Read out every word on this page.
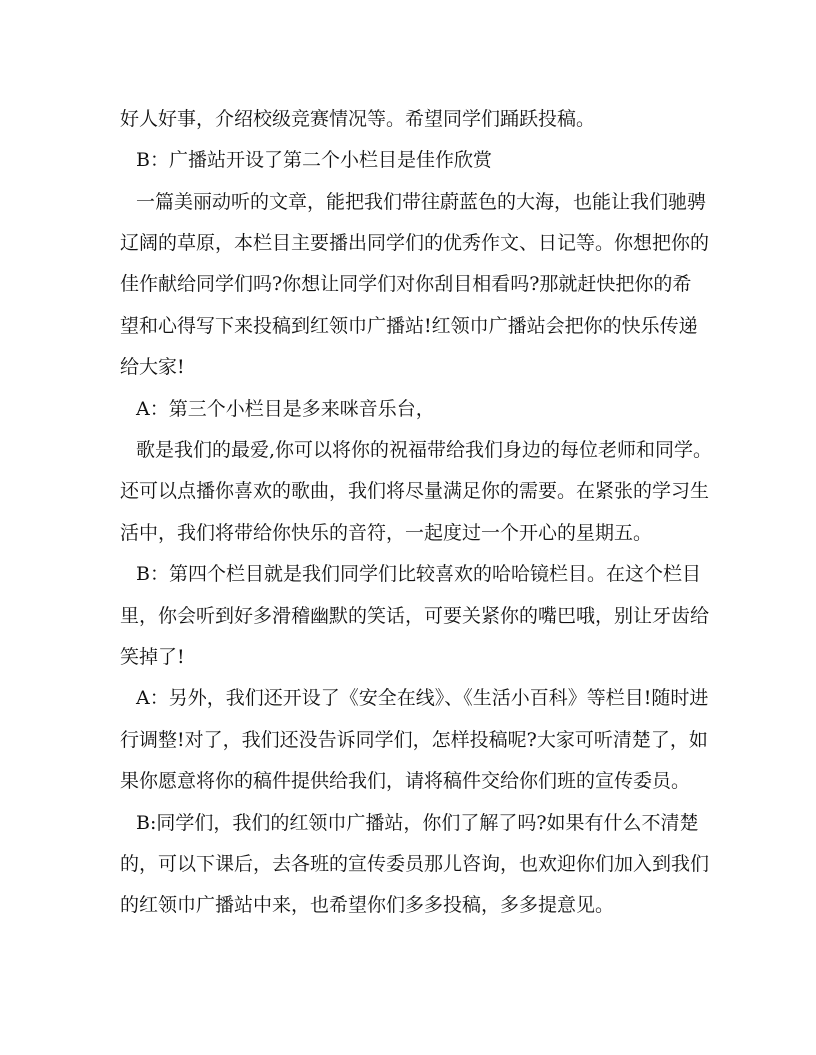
好人好事，介绍校级竞赛情况等。希望同学们踊跃投稿。
B：广播站开设了第二个小栏目是佳作欣赏
一篇美丽动听的文章，能把我们带往蔚蓝色的大海，也能让我们驰骋
辽阔的草原，本栏目主要播出同学们的优秀作文、日记等。你想把你的
佳作献给同学们吗?你想让同学们对你刮目相看吗?那就赶快把你的希
望和心得写下来投稿到红领巾广播站!红领巾广播站会把你的快乐传递
给大家!
A：第三个小栏目是多来咪音乐台，
歌是我们的最爱,你可以将你的祝福带给我们身边的每位老师和同学。
还可以点播你喜欢的歌曲，我们将尽量满足你的需要。在紧张的学习生
活中，我们将带给你快乐的音符，一起度过一个开心的星期五。
B：第四个栏目就是我们同学们比较喜欢的哈哈镜栏目。在这个栏目
里，你会听到好多滑稽幽默的笑话，可要关紧你的嘴巴哦，别让牙齿给
笑掉了!
A：另外，我们还开设了《安全在线》、《生活小百科》等栏目!随时进
行调整!对了，我们还没告诉同学们，怎样投稿呢?大家可听清楚了，如
果你愿意将你的稿件提供给我们，请将稿件交给你们班的宣传委员。
B:同学们，我们的红领巾广播站，你们了解了吗?如果有什么不清楚
的，可以下课后，去各班的宣传委员那儿咨询，也欢迎你们加入到我们
的红领巾广播站中来，也希望你们多多投稿，多多提意见。
